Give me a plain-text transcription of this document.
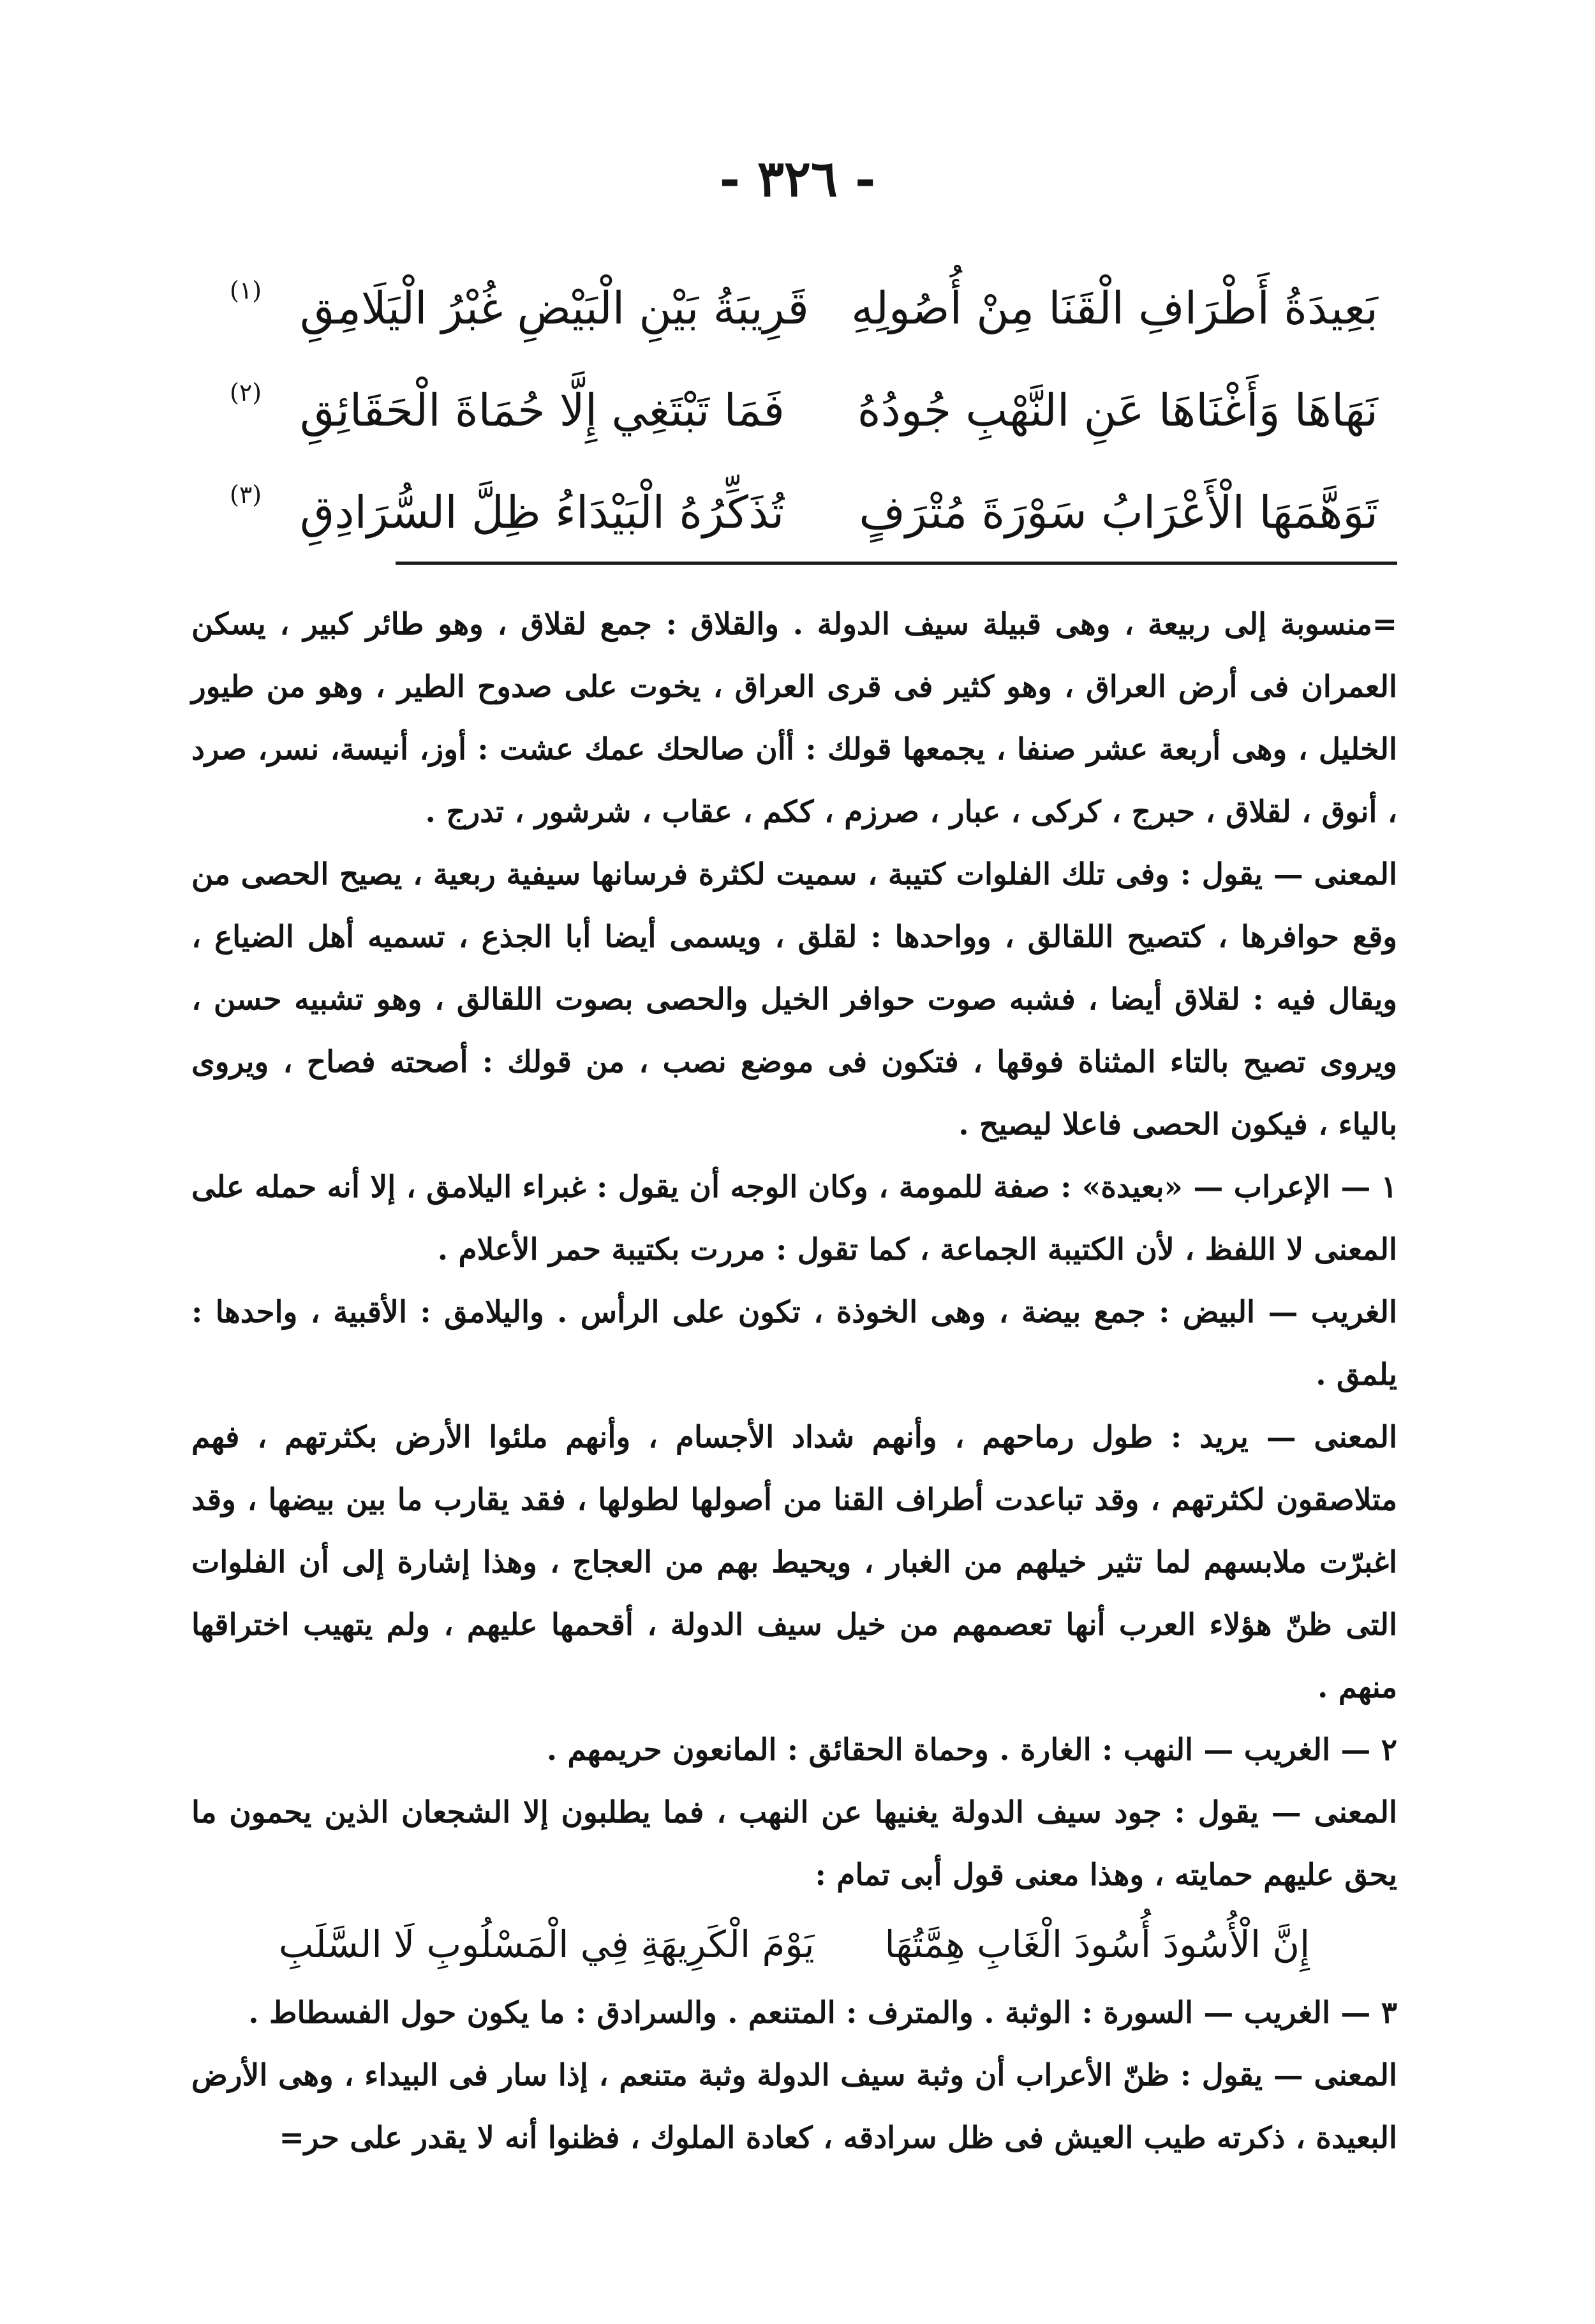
- ٣٢٦ -
بَعِيدَةُ أَطْرَافِ الْقَنَا مِنْ أُصُولِهِ
قَرِيبَةُ بَيْنِ الْبَيْضِ غُبْرُ الْيَلَامِقِ
(١)
نَهَاهَا وَأَغْنَاهَا عَنِ النَّهْبِ جُودُهُ
فَمَا تَبْتَغِي إِلَّا حُمَاةَ الْحَقَائِقِ
(٢)
تَوَهَّمَهَا الْأَعْرَابُ سَوْرَةَ مُتْرَفٍ
تُذَكِّرُهُ الْبَيْدَاءُ ظِلَّ السُّرَادِقِ
(٣)

=منسوبة إلى ربيعة ، وهى قبيلة سيف الدولة . والقلاق : جمع لقلاق ، وهو طائر كبير ، يسكن العمران فى أرض العراق ، وهو كثير فى قرى العراق ، يخوت على صدوح الطير ، وهو من طيور الخليل ، وهى أربعة عشر صنفا ، يجمعها قولك : أأن صالحك عمك عشت : أوز، أنيسة، نسر، صرد ، أنوق ، لقلاق ، حبرج ، كركى ، عبار ، صرزم ، ككم ، عقاب ، شرشور ، تدرج .

المعنى — يقول : وفى تلك الفلوات كتيبة ، سميت لكثرة فرسانها سيفية ربعية ، يصيح الحصى من وقع حوافرها ، كتصيح اللقالق ، وواحدها : لقلق ، ويسمى أيضا أبا الجذع ، تسميه أهل الضياع ، ويقال فيه : لقلاق أيضا ، فشبه صوت حوافر الخيل والحصى بصوت اللقالق ، وهو تشبيه حسن ، ويروى تصيح بالتاء المثناة فوقها ، فتكون فى موضع نصب ، من قولك : أصحته فصاح ، ويروى بالياء ، فيكون الحصى فاعلا ليصيح .

١ — الإعراب — «بعيدة» : صفة للمومة ، وكان الوجه أن يقول : غبراء اليلامق ، إلا أنه حمله على المعنى لا اللفظ ، لأن الكتيبة الجماعة ، كما تقول : مررت بكتيبة حمر الأعلام .

الغريب — البيض : جمع بيضة ، وهى الخوذة ، تكون على الرأس . واليلامق : الأقبية ، واحدها : يلمق .

المعنى — يريد : طول رماحهم ، وأنهم شداد الأجسام ، وأنهم ملئوا الأرض بكثرتهم ، فهم متلاصقون لكثرتهم ، وقد تباعدت أطراف القنا من أصولها لطولها ، فقد يقارب ما بين بيضها ، وقد اغبرّت ملابسهم لما تثير خيلهم من الغبار ، ويحيط بهم من العجاج ، وهذا إشارة إلى أن الفلوات التى ظنّ هؤلاء العرب أنها تعصمهم من خيل سيف الدولة ، أقحمها عليهم ، ولم يتهيب اختراقها منهم .

٢ — الغريب — النهب : الغارة . وحماة الحقائق : المانعون حريمهم .

المعنى — يقول : جود سيف الدولة يغنيها عن النهب ، فما يطلبون إلا الشجعان الذين يحمون ما يحق عليهم حمايته ، وهذا معنى قول أبى تمام :

إِنَّ الْأُسُودَ أُسُودَ الْغَابِ هِمَّتُهَا
يَوْمَ الْكَرِيهَةِ فِي الْمَسْلُوبِ لَا السَّلَبِ

٣ — الغريب — السورة : الوثبة . والمترف : المتنعم . والسرادق : ما يكون حول الفسطاط .

المعنى — يقول : ظنّ الأعراب أن وثبة سيف الدولة وثبة متنعم ، إذا سار فى البيداء ، وهى الأرض البعيدة ، ذكرته طيب العيش فى ظل سرادقه ، كعادة الملوك ، فظنوا أنه لا يقدر على حر=
